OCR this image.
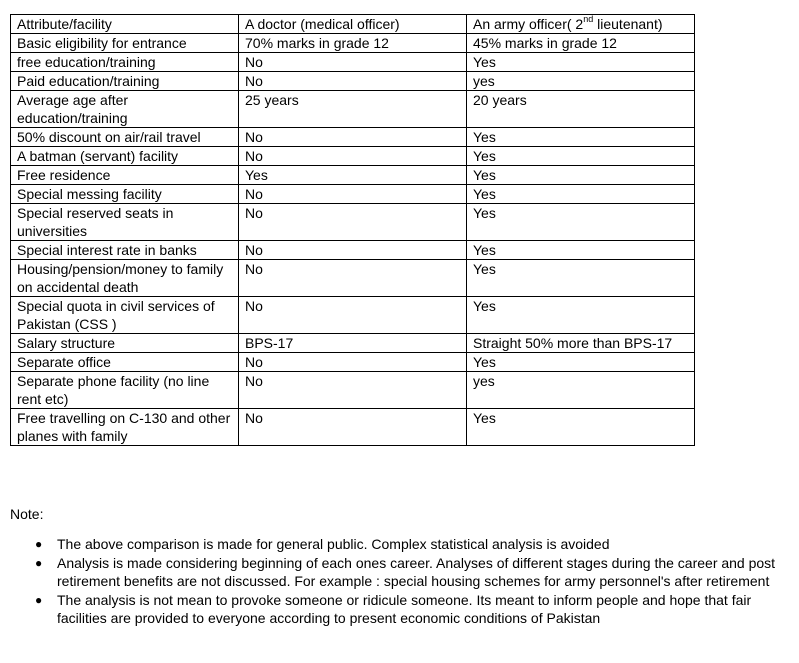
Attribute/facility	A doctor (medical officer)	An army officer( 2nd lieutenant)
Basic eligibility for entrance	70% marks in grade 12	45% marks in grade 12
free education/training	No	Yes
Paid education/training	No	yes
Average age after education/training	25 years	20 years
50% discount on air/rail travel	No	Yes
A batman (servant) facility	No	Yes
Free residence	Yes	Yes
Special messing facility	No	Yes
Special reserved seats in universities	No	Yes
Special interest rate in banks	No	Yes
Housing/pension/money to family on accidental death	No	Yes
Special quota in civil services of Pakistan (CSS )	No	Yes
Salary structure	BPS-17	Straight 50% more than BPS-17
Separate office	No	Yes
Separate phone facility (no line rent etc)	No	yes
Free travelling on C-130 and other planes with family	No	Yes

Note:

● The above comparison is made for general public. Complex statistical analysis is avoided
● Analysis is made considering beginning of each ones career. Analyses of different stages during the career and post retirement benefits are not discussed. For example : special housing schemes for army personnel's after retirement
● The analysis is not mean to provoke someone or ridicule someone. Its meant to inform people and hope that fair facilities are provided to everyone according to present economic conditions of Pakistan
